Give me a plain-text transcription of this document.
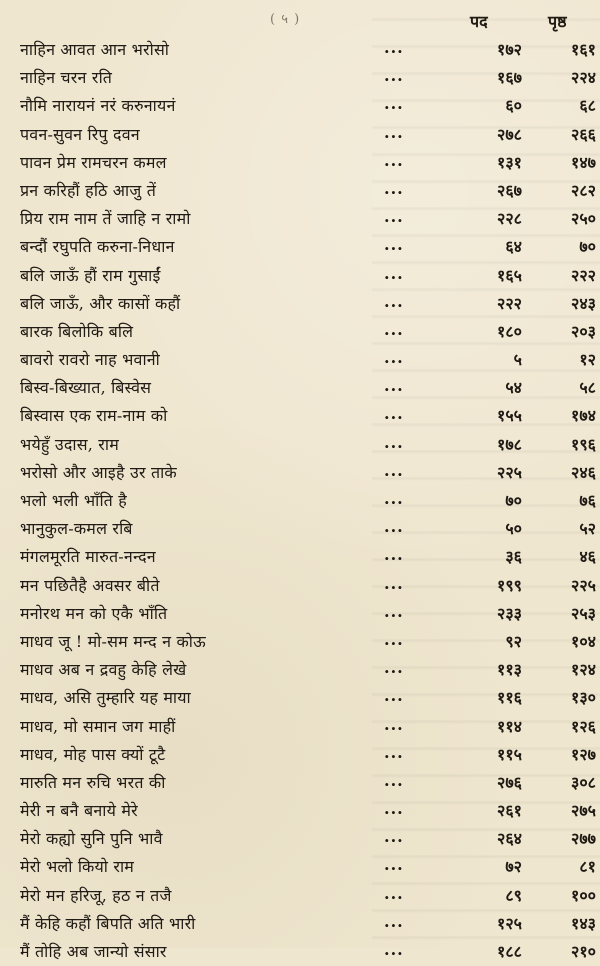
( ५ )	पद	पृष्ठ
नाहिन आवत आन भरोसो	...	१७२	१६१
नाहिन चरन रति	...	१६७	२२४
नौमि नारायनं नरं करुनायनं	...	६०	६८
पवन-सुवन रिपु दवन	...	२७८	२६६
पावन प्रेम रामचरन कमल	...	१३१	१४७
प्रन करिहौं हठि आजु तें	...	२६७	२८२
प्रिय राम नाम तें जाहि न रामो	...	२२८	२५०
बन्दौं रघुपति करुना-निधान	...	६४	७०
बलि जाऊँ हौं राम गुसाईं	...	१६५	२२२
बलि जाऊँ, और कासों कहौं	...	२२२	२४३
बारक बिलोकि बलि	...	१८०	२०३
बावरो रावरो नाह भवानी	...	५	१२
बिस्व-बिख्यात, बिस्वेस	...	५४	५८
बिस्वास एक राम-नाम को	...	१५५	१७४
भयेहुँ उदास, राम	...	१७८	१९६
भरोसो और आइहै उर ताके	...	२२५	२४६
भलो भली भाँति है	...	७०	७६
भानुकुल-कमल रबि	...	५०	५२
मंगलमूरति मारुत-नन्दन	...	३६	४६
मन पछितैहै अवसर बीते	...	१९९	२२५
मनोरथ मन को एकै भाँति	...	२३३	२५३
माधव जू ! मो-सम मन्द न कोऊ	...	९२	१०४
माधव अब न द्रवहु केहि लेखे	...	११३	१२४
माधव, असि तुम्हारि यह माया	...	११६	१३०
माधव, मो समान जग माहीं	...	११४	१२६
माधव, मोह पास क्यों टूटै	...	११५	१२७
मारुति मन रुचि भरत की	...	२७६	३०८
मेरी न बनै बनाये मेरे	...	२६१	२७५
मेरो कह्यो सुनि पुनि भावै	...	२६४	२७७
मेरो भलो कियो राम	...	७२	८१
मेरो मन हरिजू, हठ न तजै	...	८९	१००
मैं केहि कहौं बिपति अति भारी	...	१२५	१४३
मैं तोहि अब जान्यो संसार	...	१८८	२१०
